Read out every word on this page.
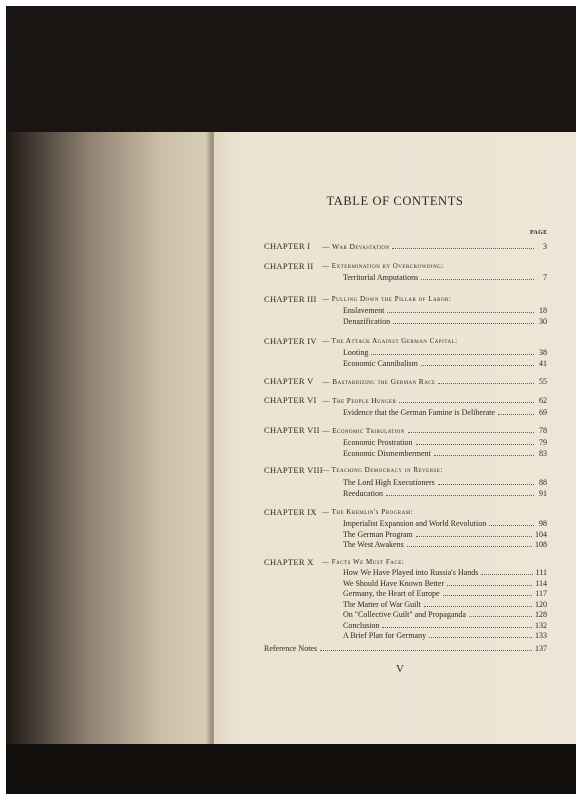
TABLE OF CONTENTS
PAGE
CHAPTER I — War Devastation	3
CHAPTER II — Extermination by Overcrowding:
Territorial Amputations	7
CHAPTER III — Pulling Down the Pillar of Labor:
Enslavement	18
Denazification	30
CHAPTER IV — The Attack Against German Capital:
Looting	38
Economic Cannibalism	41
CHAPTER V — Bastardizing the German Race	55
CHAPTER VI — The People Hunger	62
Evidence that the German Famine is Deliberate	69
CHAPTER VII — Economic Tribulation	78
Economic Prostration	79
Economic Dismemberment	83
CHAPTER VIII — Teaching Democracy in Reverse:
The Lord High Executioners	88
Reeducation	91
CHAPTER IX — The Kremlin's Program:
Imperialist Expansion and World Revolution	98
The German Program	104
The West Awakens	108
CHAPTER X — Facts We Must Face:
How We Have Played into Russia's Hands	111
We Should Have Known Better	114
Germany, the Heart of Europe	117
The Matter of War Guilt	120
On "Collective Guilt" and Propaganda	128
Conclusion	132
A Brief Plan for Germany	133
Reference Notes	137
V
